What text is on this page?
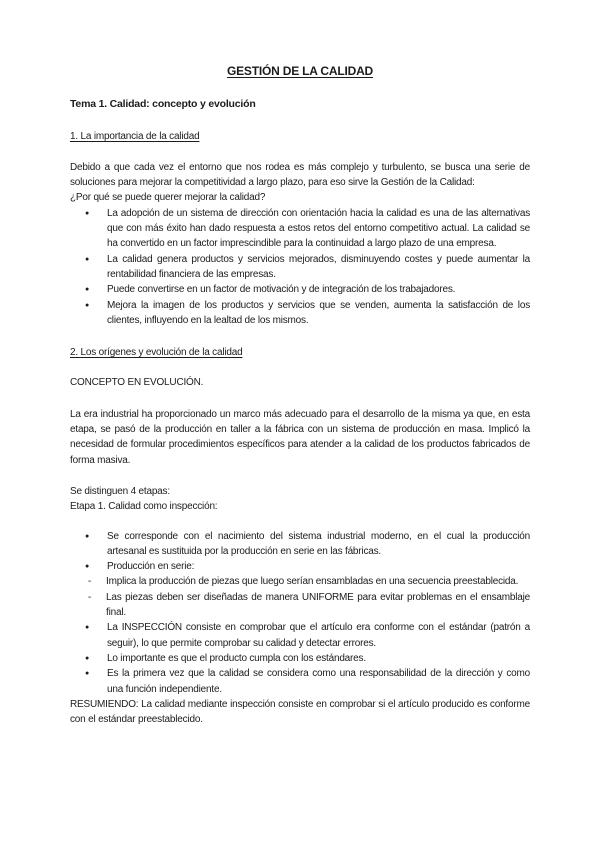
GESTIÓN DE LA CALIDAD

Tema 1. Calidad: concepto y evolución

1. La importancia de la calidad

Debido a que cada vez el entorno que nos rodea es más complejo y turbulento, se busca una serie de soluciones para mejorar la competitividad a largo plazo, para eso sirve la Gestión de la Calidad:

¿Por qué se puede querer mejorar la calidad?

●	La adopción de un sistema de dirección con orientación hacia la calidad es una de las alternativas que con más éxito han dado respuesta a estos retos del entorno competitivo actual. La calidad se ha convertido en un factor imprescindible para la continuidad a largo plazo de una empresa.
●	La calidad genera productos y servicios mejorados, disminuyendo costes y puede aumentar la rentabilidad financiera de las empresas.
●	Puede convertirse en un factor de motivación y de integración de los trabajadores.
●	Mejora la imagen de los productos y servicios que se venden, aumenta la satisfacción de los clientes, influyendo en la lealtad de los mismos.
2. Los orígenes y evolución de la calidad

CONCEPTO EN EVOLUCIÓN.

La era industrial ha proporcionado un marco más adecuado para el desarrollo de la misma ya que, en esta etapa, se pasó de la producción en taller a la fábrica con un sistema de producción en masa. Implicó la necesidad de formular procedimientos específicos para atender a la calidad de los productos fabricados de forma masiva.

Se distinguen 4 etapas:

Etapa 1. Calidad como inspección:

●	Se corresponde con el nacimiento del sistema industrial moderno, en el cual la producción artesanal es sustituida por la producción en serie en las fábricas.
●	Producción en serie:
-	Implica la producción de piezas que luego serían ensambladas en una secuencia preestablecida.
-	Las piezas deben ser diseñadas de manera UNIFORME para evitar problemas en el ensamblaje final.
●	La INSPECCIÓN consiste en comprobar que el artículo era conforme con el estándar (patrón a seguir), lo que permite comprobar su calidad y detectar errores.
●	Lo importante es que el producto cumpla con los estándares.
●	Es la primera vez que la calidad se considera como una responsabilidad de la dirección y como una función independiente.

RESUMIENDO: La calidad mediante inspección consiste en comprobar si el artículo producido es conforme con el estándar preestablecido.
